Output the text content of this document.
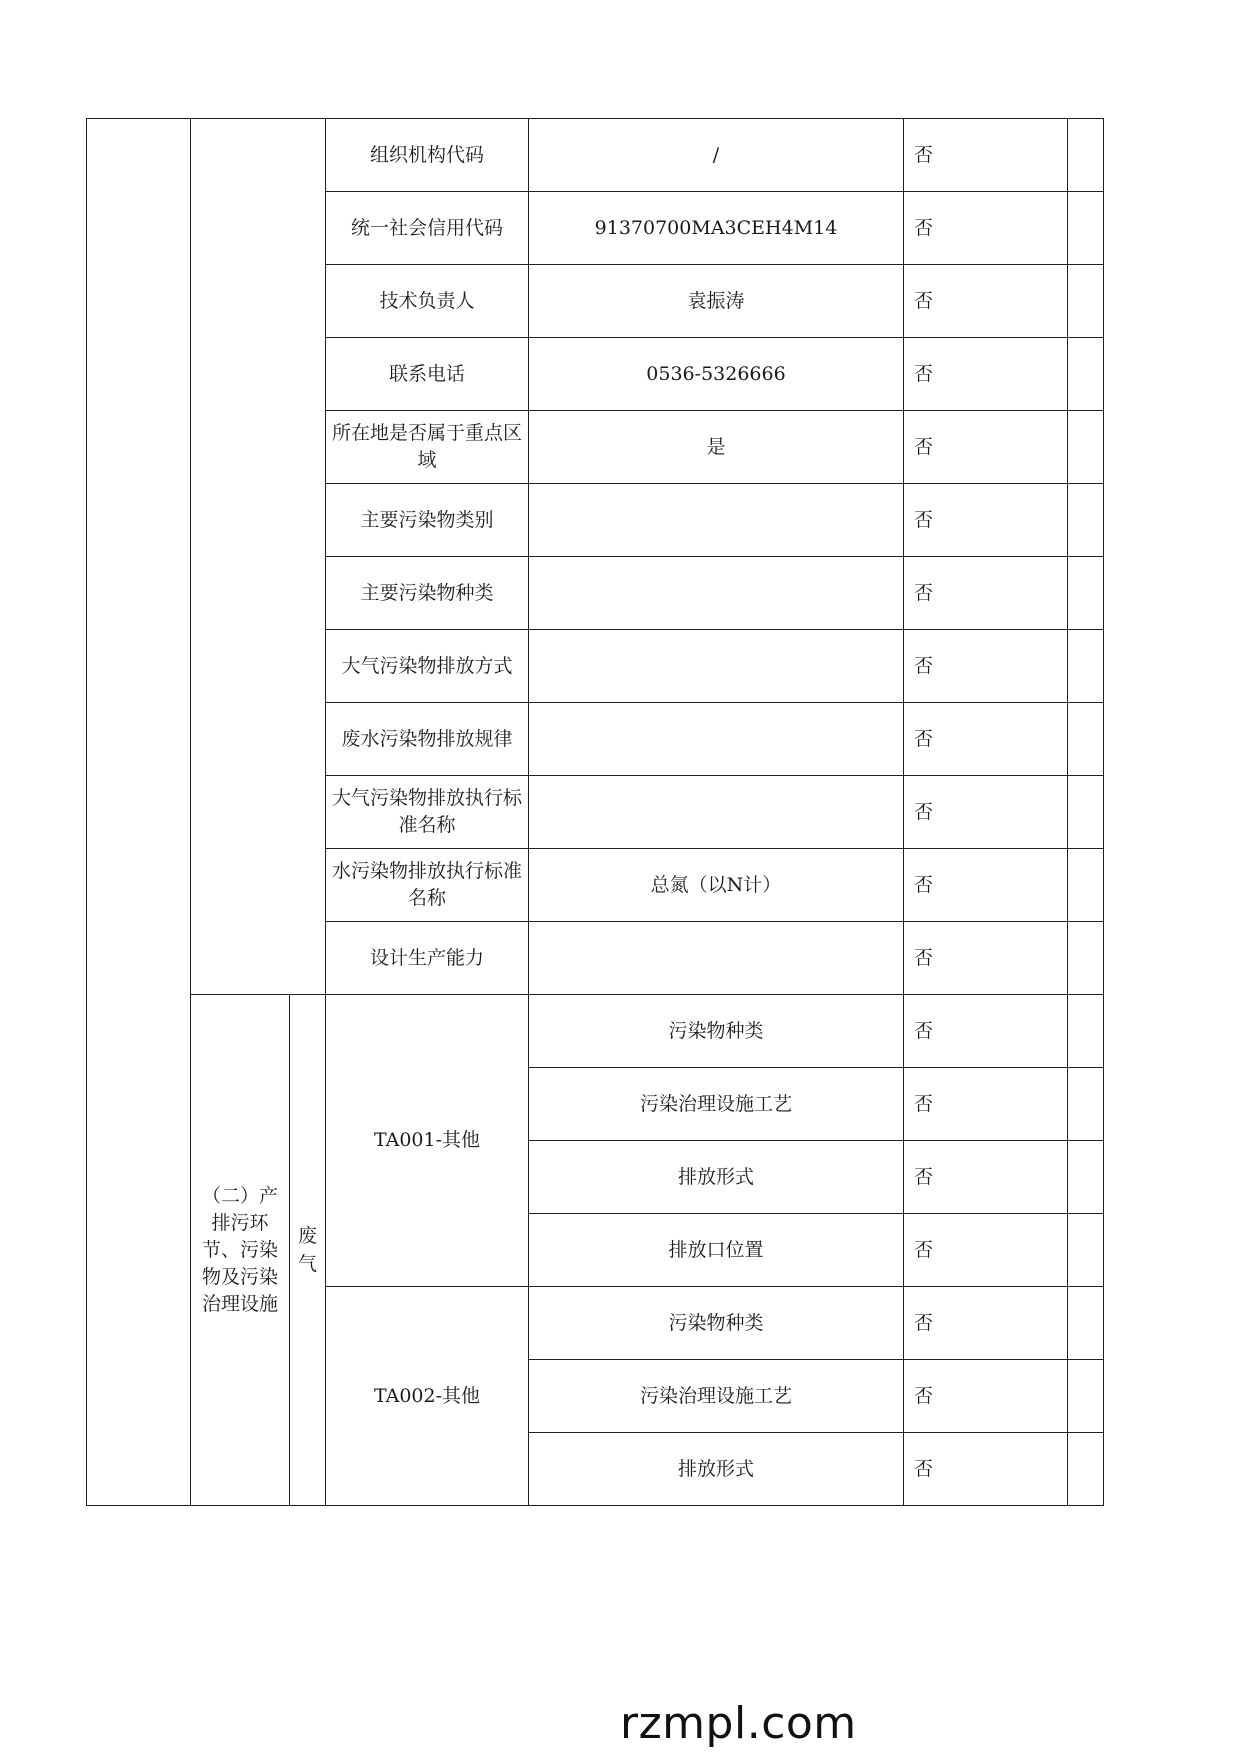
			组织机构代码	/	否	
			统一社会信用代码	91370700MA3CEH4M14	否	
			技术负责人	袁振涛	否	
			联系电话	0536-5326666	否	
			所在地是否属于重点区域	是	否	
			主要污染物类别		否	
			主要污染物种类		否	
			大气污染物排放方式		否	
			废水污染物排放规律		否	
			大气污染物排放执行标准名称		否	
			水污染物排放执行标准名称	总氮（以N计）	否	
			设计生产能力		否	
	（二）产排污环节、污染物及污染治理设施	废气	TA001-其他	污染物种类	否	
				污染治理设施工艺	否	
				排放形式	否	
				排放口位置	否	
			TA002-其他	污染物种类	否	
				污染治理设施工艺	否	
				排放形式	否	
rzmpl.com
